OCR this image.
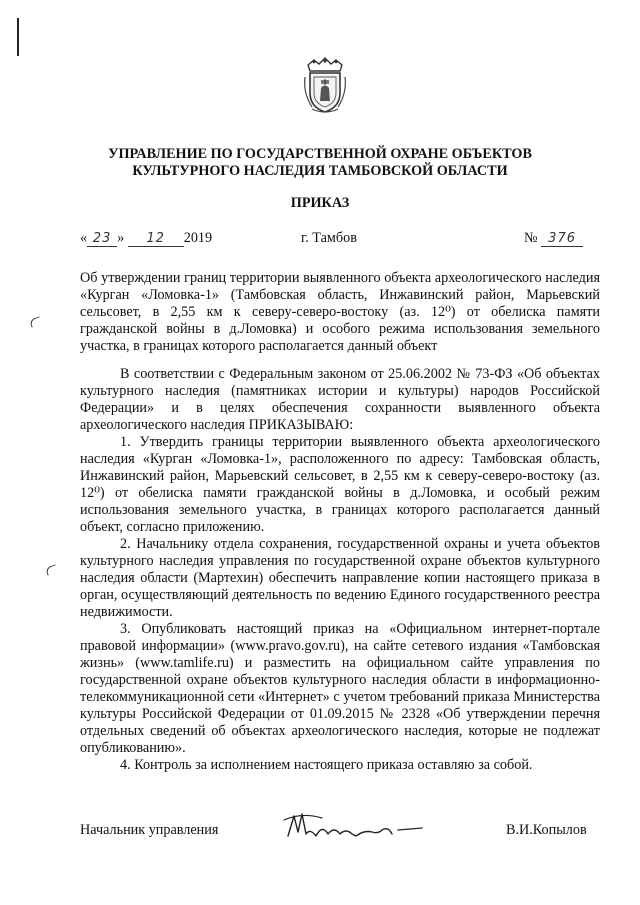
УПРАВЛЕНИЕ ПО ГОСУДАРСТВЕННОЙ ОХРАНЕ ОБЪЕКТОВ
КУЛЬТУРНОГО НАСЛЕДИЯ ТАМБОВСКОЙ ОБЛАСТИ
ПРИКАЗ
« 23 » 12 2019	г. Тамбов	№ 376
Об утверждении границ территории выявленного объекта археологического наследия «Курган «Ломовка-1» (Тамбовская область, Инжавинский район, Марьевский сельсовет, в 2,55 км к северу-северо-востоку (аз. 12⁰) от обелиска памяти гражданской войны в д.Ломовка) и особого режима использования земельного участка, в границах которого располагается данный объект

В соответствии с Федеральным законом от 25.06.2002 № 73-ФЗ «Об объектах культурного наследия (памятниках истории и культуры) народов Российской Федерации» и в целях обеспечения сохранности выявленного объекта археологического наследия ПРИКАЗЫВАЮ:

1. Утвердить границы территории выявленного объекта археологического наследия «Курган «Ломовка-1», расположенного по адресу: Тамбовская область, Инжавинский район, Марьевский сельсовет, в 2,55 км к северу-северо-востоку (аз. 12⁰) от обелиска памяти гражданской войны в д.Ломовка, и особый режим использования земельного участка, в границах которого располагается данный объект, согласно приложению.

2. Начальнику отдела сохранения, государственной охраны и учета объектов культурного наследия управления по государственной охране объектов культурного наследия области (Мартехин) обеспечить направление копии настоящего приказа в орган, осуществляющий деятельность по ведению Единого государственного реестра недвижимости.

3. Опубликовать настоящий приказ на «Официальном интернет-портале правовой информации» (www.pravo.gov.ru), на сайте сетевого издания «Тамбовская жизнь» (www.tamlife.ru) и разместить на официальном сайте управления по государственной охране объектов культурного наследия области в информационно-телекоммуникационной сети «Интернет» с учетом требований приказа Министерства культуры Российской Федерации от 01.09.2015 № 2328 «Об утверждении перечня отдельных сведений об объектах археологического наследия, которые не подлежат опубликованию».

4. Контроль за исполнением настоящего приказа оставляю за собой.

Начальник управления	В.И.Копылов
